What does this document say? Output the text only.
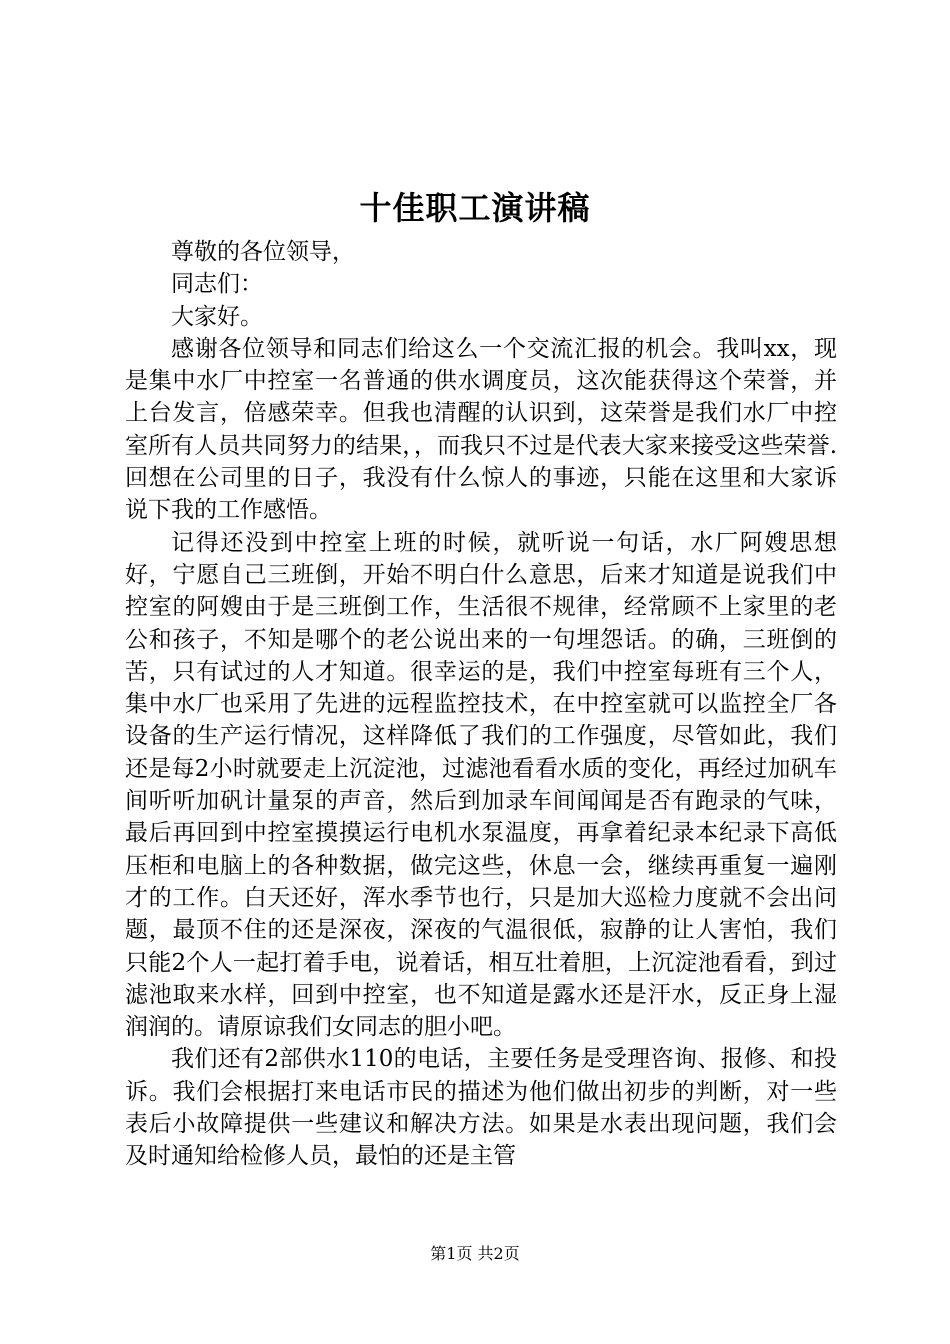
十佳职工演讲稿

尊敬的各位领导，

同志们：

大家好。

感谢各位领导和同志们给这么一个交流汇报的机会。我叫xx，现是集中水厂中控室一名普通的供水调度员，这次能获得这个荣誉，并上台发言，倍感荣幸。但我也清醒的认识到，这荣誉是我们水厂中控室所有人员共同努力的结果，，而我只不过是代表大家来接受这些荣誉.回想在公司里的日子，我没有什么惊人的事迹，只能在这里和大家诉说下我的工作感悟。

记得还没到中控室上班的时候，就听说一句话，水厂阿嫂思想好，宁愿自己三班倒，开始不明白什么意思，后来才知道是说我们中控室的阿嫂由于是三班倒工作，生活很不规律，经常顾不上家里的老公和孩子，不知是哪个的老公说出来的一句埋怨话。的确，三班倒的苦，只有试过的人才知道。很幸运的是，我们中控室每班有三个人，集中水厂也采用了先进的远程监控技术，在中控室就可以监控全厂各设备的生产运行情况，这样降低了我们的工作强度，尽管如此，我们还是每2小时就要走上沉淀池，过滤池看看水质的变化，再经过加矾车间听听加矾计量泵的声音，然后到加录车间闻闻是否有跑录的气味，最后再回到中控室摸摸运行电机水泵温度，再拿着纪录本纪录下高低压柜和电脑上的各种数据，做完这些，休息一会，继续再重复一遍刚才的工作。白天还好，浑水季节也行，只是加大巡检力度就不会出问题，最顶不住的还是深夜，深夜的气温很低，寂静的让人害怕，我们只能2个人一起打着手电，说着话，相互壮着胆，上沉淀池看看，到过滤池取来水样，回到中控室，也不知道是露水还是汗水，反正身上湿润润的。请原谅我们女同志的胆小吧。

我们还有2部供水110的电话，主要任务是受理咨询、报修、和投诉。我们会根据打来电话市民的描述为他们做出初步的判断，对一些表后小故障提供一些建议和解决方法。如果是水表出现问题，我们会及时通知给检修人员，最怕的还是主管

第1页 共2页
